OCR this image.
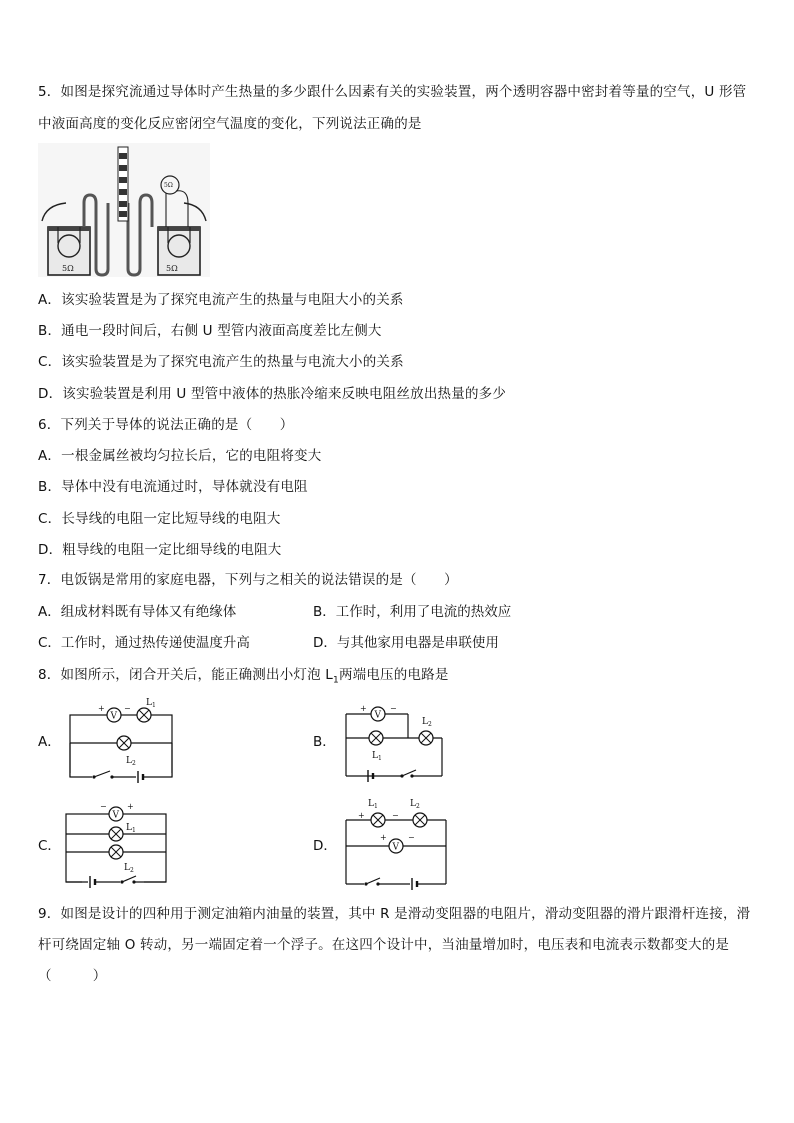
5．如图是探究流通过导体时产生热量的多少跟什么因素有关的实验装置，两个透明容器中密封着等量的空气，U 形管
中液面高度的变化反应密闭空气温度的变化，下列说法正确的是
5Ω	5Ω
5Ω
A．该实验装置是为了探究电流产生的热量与电阻大小的关系
B．通电一段时间后，右侧 U 型管内液面高度差比左侧大
C．该实验装置是为了探究电流产生的热量与电流大小的关系
D．该实验装置是利用 U 型管中液体的热胀冷缩来反映电阻丝放出热量的多少
6．下列关于导体的说法正确的是（　　）
A．一根金属丝被均匀拉长后，它的电阻将变大
B．导体中没有电流通过时，导体就没有电阻
C．长导线的电阻一定比短导线的电阻大
D．粗导线的电阻一定比细导线的电阻大
7．电饭锅是常用的家庭电器，下列与之相关的说法错误的是（　　）
A．组成材料既有导体又有绝缘体	B．工作时，利用了电流的热效应
C．工作时，通过热传递使温度升高	D．与其他家用电器是串联使用
8．如图所示，闭合开关后，能正确测出小灯泡 $L_1$两端电压的电路是
A．
V
+ −
L 1
L 2
B．
V
+	−
L 1
L 2
C．
V
−	+
L 1
L 2
D．
L 1
+	−
L 2
V
+	−
9．如图是设计的四种用于测定油箱内油量的装置，其中 R 是滑动变阻器的电阻片，滑动变阻器的滑片跟滑杆连接，滑
杆可绕固定轴 O 转动，另一端固定着一个浮子。在这四个设计中，当油量增加时，电压表和电流表示数都变大的是
（　　　）
